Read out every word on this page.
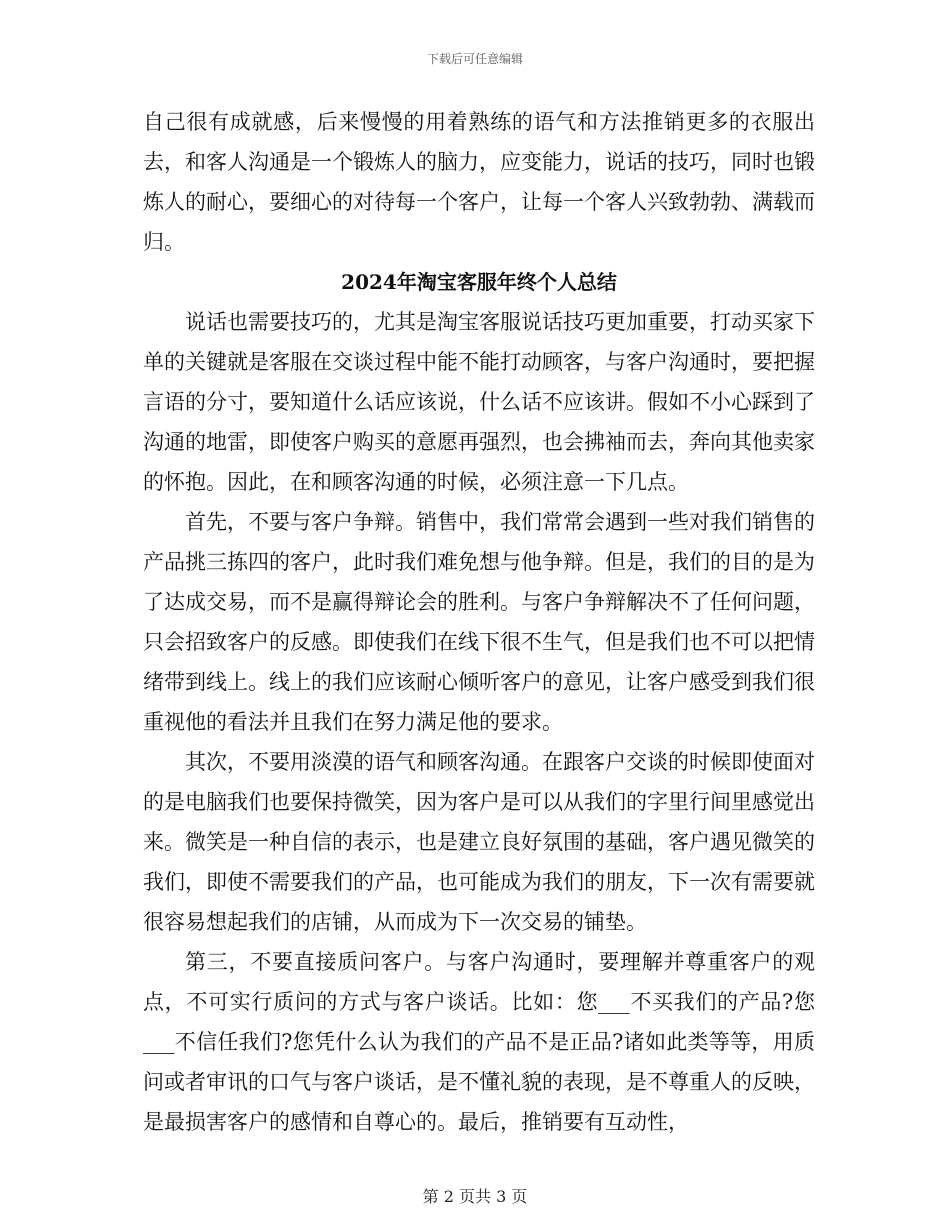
下载后可任意编辑

自己很有成就感，后来慢慢的用着熟练的语气和方法推销更多的衣服出去，和客人沟通是一个锻炼人的脑力，应变能力，说话的技巧，同时也锻炼人的耐心，要细心的对待每一个客户，让每一个客人兴致勃勃、满载而归。

2024年淘宝客服年终个人总结

说话也需要技巧的，尤其是淘宝客服说话技巧更加重要，打动买家下单的关键就是客服在交谈过程中能不能打动顾客，与客户沟通时，要把握言语的分寸，要知道什么话应该说，什么话不应该讲。假如不小心踩到了沟通的地雷，即使客户购买的意愿再强烈，也会拂袖而去，奔向其他卖家的怀抱。因此，在和顾客沟通的时候，必须注意一下几点。

首先，不要与客户争辩。销售中，我们常常会遇到一些对我们销售的产品挑三拣四的客户，此时我们难免想与他争辩。但是，我们的目的是为了达成交易，而不是赢得辩论会的胜利。与客户争辩解决不了任何问题，只会招致客户的反感。即使我们在线下很不生气，但是我们也不可以把情绪带到线上。线上的我们应该耐心倾听客户的意见，让客户感受到我们很重视他的看法并且我们在努力满足他的要求。

其次，不要用淡漠的语气和顾客沟通。在跟客户交谈的时候即使面对的是电脑我们也要保持微笑，因为客户是可以从我们的字里行间里感觉出来。微笑是一种自信的表示，也是建立良好氛围的基础，客户遇见微笑的我们，即使不需要我们的产品，也可能成为我们的朋友，下一次有需要就很容易想起我们的店铺，从而成为下一次交易的铺垫。

第三，不要直接质问客户。与客户沟通时，要理解并尊重客户的观点，不可实行质问的方式与客户谈话。比如：您___不买我们的产品?您___不信任我们?您凭什么认为我们的产品不是正品?诸如此类等等，用质问或者审讯的口气与客户谈话，是不懂礼貌的表现，是不尊重人的反映，是最损害客户的感情和自尊心的。最后，推销要有互动性，

第 2 页共 3 页
